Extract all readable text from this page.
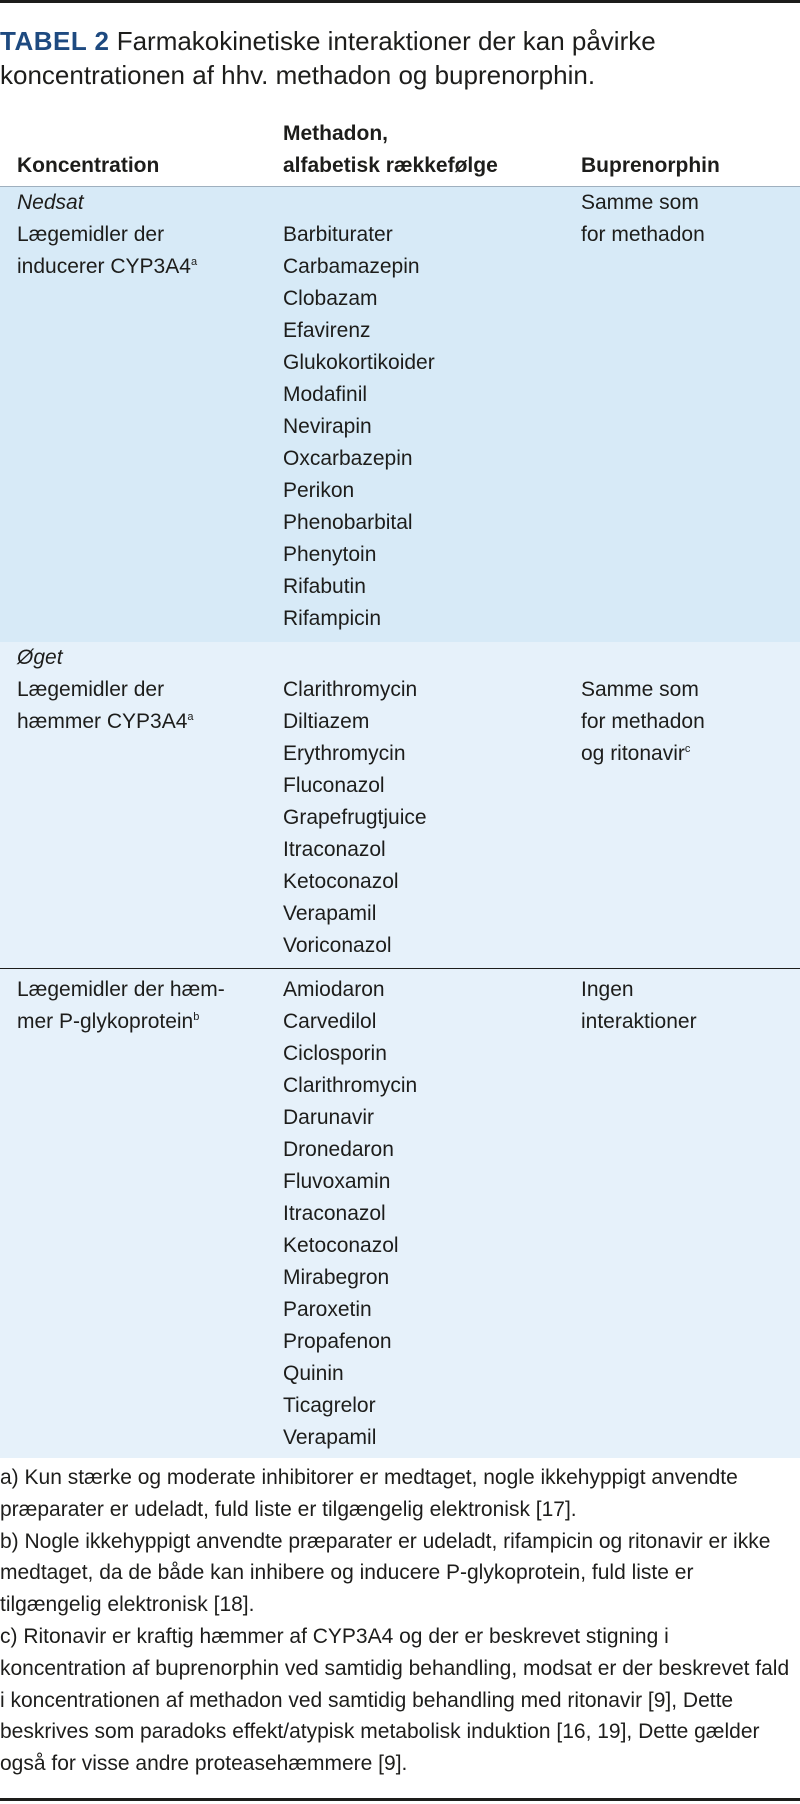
TABEL 2 Farmakokinetiske interaktioner der kan påvirke koncentrationen af hhv. methadon og buprenorphin.
Koncentration
Methadon,
alfabetisk rækkefølge	Buprenorphin
Nedsat
Lægemidler der
inducerer CYP3A4$^a$
Barbiturater
Carbamazepin
Clobazam
Efavirenz
Glukokortikoider
Modafinil
Nevirapin
Oxcarbazepin
Perikon
Phenobarbital
Phenytoin
Rifabutin
Rifampicin
Samme som
for methadon
Øget
Lægemidler der
hæmmer CYP3A4$^a$
Clarithromycin
Diltiazem
Erythromycin
Fluconazol
Grapefrugtjuice
Itraconazol
Ketoconazol
Verapamil
Voriconazol
Samme som
for methadon
og ritonavir$^c$
Lægemidler der hæm-
mer P-glykoprotein$^b$
Amiodaron
Carvedilol
Ciclosporin
Clarithromycin
Darunavir
Dronedaron
Fluvoxamin
Itraconazol
Ketoconazol
Mirabegron
Paroxetin
Propafenon
Quinin
Ticagrelor
Verapamil
Ingen
interaktioner
a) Kun stærke og moderate inhibitorer er medtaget, nogle ikkehyppigt anvendte præparater er udeladt, fuld liste er tilgængelig elektronisk [17].
b) Nogle ikkehyppigt anvendte præparater er udeladt, rifampicin og ritonavir er ikke medtaget, da de både kan inhibere og inducere P-glykoprotein, fuld liste er tilgængelig elektronisk [18].
c) Ritonavir er kraftig hæmmer af CYP3A4 og der er beskrevet stigning i koncentration af buprenorphin ved samtidig behandling, modsat er der beskrevet fald i koncentrationen af methadon ved samtidig behandling med ritonavir [9], Dette beskrives som paradoks effekt/atypisk metabolisk induktion [16, 19], Dette gælder også for visse andre proteasehæmmere [9].
